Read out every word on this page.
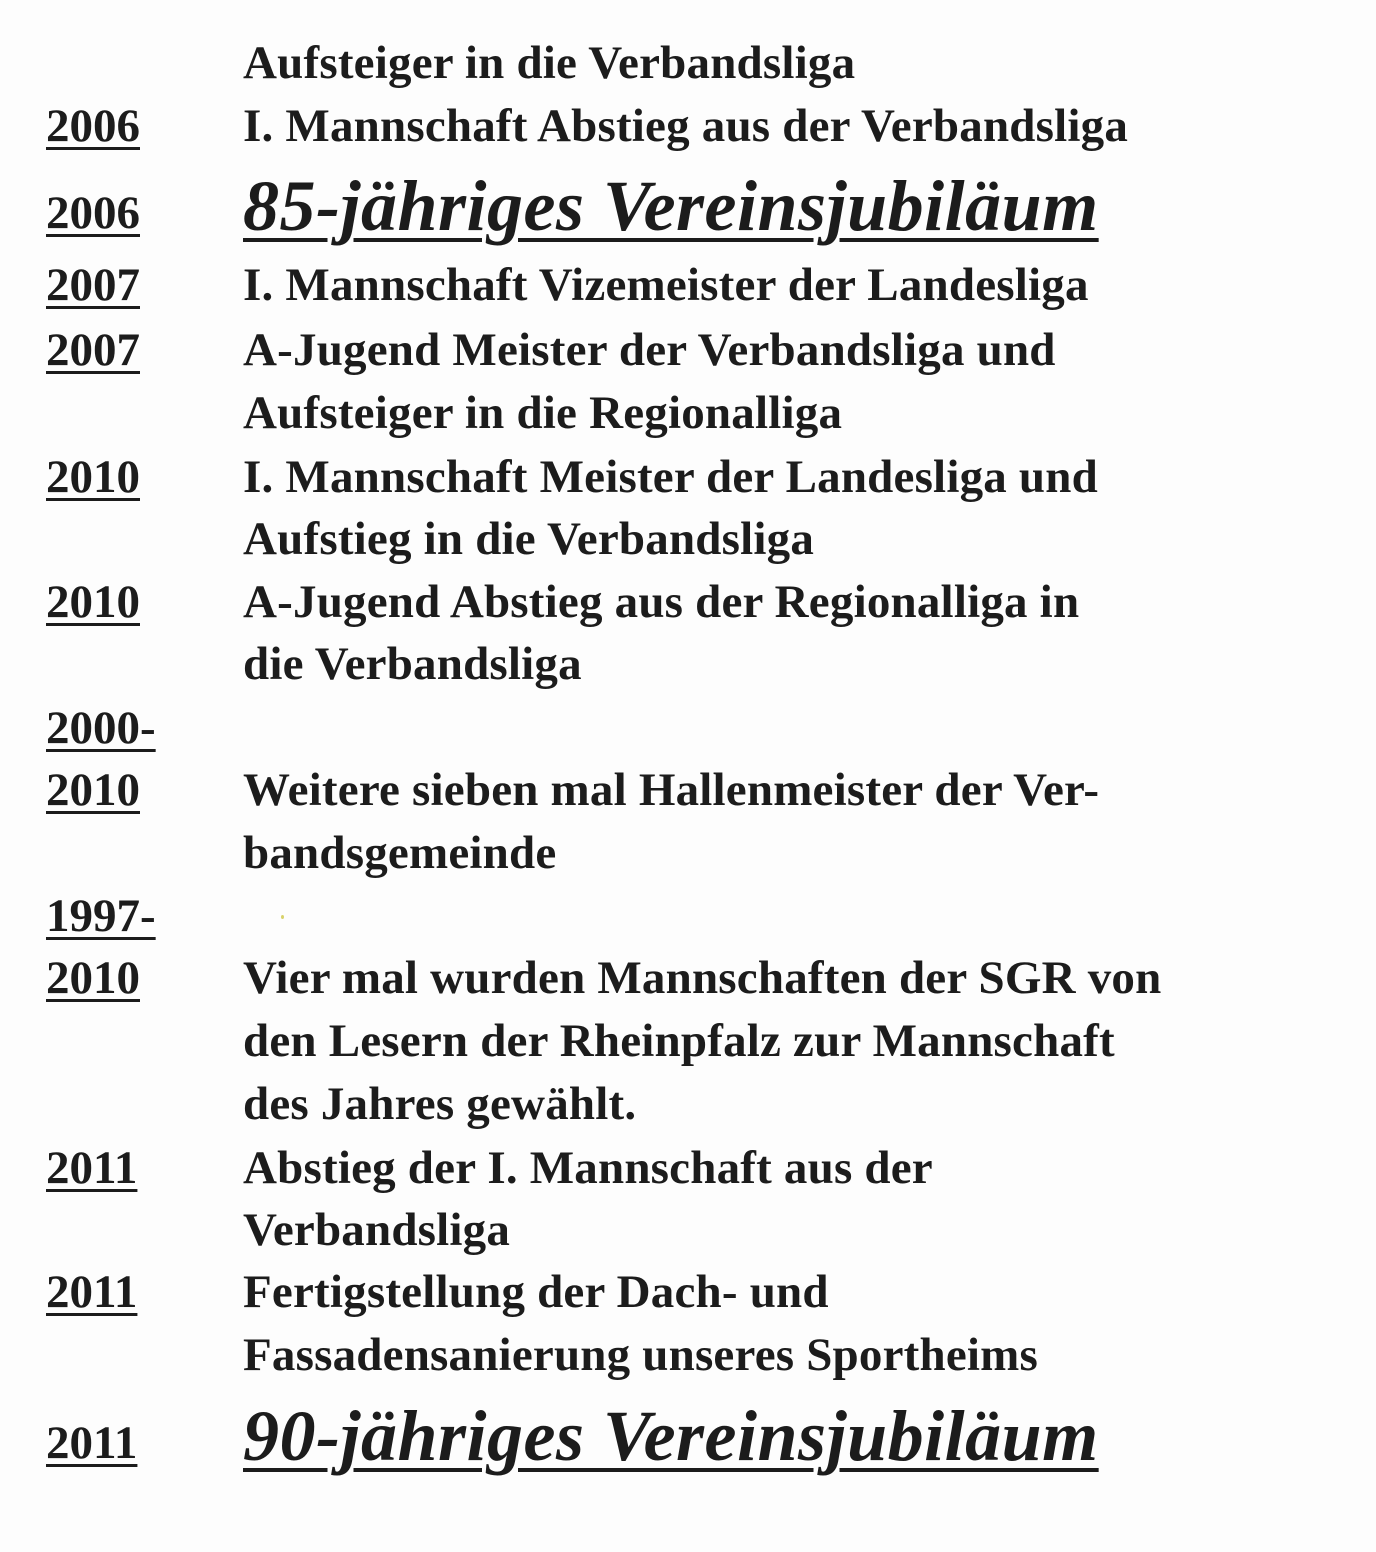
Aufsteiger in die Verbandsliga
2006 I. Mannschaft Abstieg aus der Verbandsliga
2006 85-jähriges Vereinsjubiläum
2007 I. Mannschaft Vizemeister der Landesliga
2007 A-Jugend Meister der Verbandsliga und
Aufsteiger in die Regionalliga
2010 I. Mannschaft Meister der Landesliga und
Aufstieg in die Verbandsliga
2010 A-Jugend Abstieg aus der Regionalliga in
die Verbandsliga
2000-
2010 Weitere sieben mal Hallenmeister der Ver-
bandsgemeinde
1997-
2010 Vier mal wurden Mannschaften der SGR von
den Lesern der Rheinpfalz zur Mannschaft
des Jahres gewählt.
2011 Abstieg der I. Mannschaft aus der
Verbandsliga
2011 Fertigstellung der Dach- und
Fassadensanierung unseres Sportheims
2011 90-jähriges Vereinsjubiläum
